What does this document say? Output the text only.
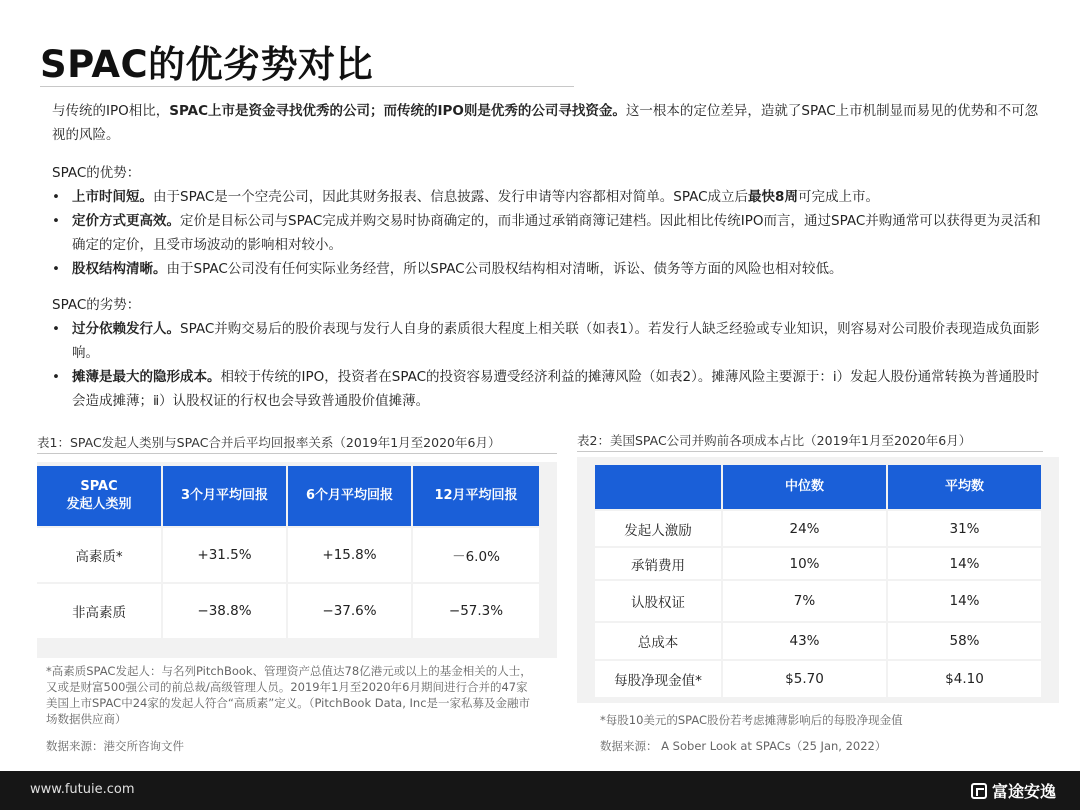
SPAC的优劣势对比

与传统的IPO相比，SPAC上市是资金寻找优秀的公司；而传统的IPO则是优秀的公司寻找资金。这一根本的定位差异，造就了SPAC上市机制显而易见的优势和不可忽视的风险。

SPAC的优势：

• 上市时间短。由于SPAC是一个空壳公司，因此其财务报表、信息披露、发行申请等内容都相对简单。SPAC成立后最快8周可完成上市。
• 定价方式更高效。定价是目标公司与SPAC完成并购交易时协商确定的，而非通过承销商簿记建档。因此相比传统IPO而言，通过SPAC并购通常可以获得更为灵活和确定的定价，且受市场波动的影响相对较小。
• 股权结构清晰。由于SPAC公司没有任何实际业务经营，所以SPAC公司股权结构相对清晰，诉讼、债务等方面的风险也相对较低。

SPAC的劣势：

• 过分依赖发行人。SPAC并购交易后的股价表现与发行人自身的素质很大程度上相关联（如表1）。若发行人缺乏经验或专业知识，则容易对公司股价表现造成负面影响。
• 摊薄是最大的隐形成本。相较于传统的IPO，投资者在SPAC的投资容易遭受经济利益的摊薄风险（如表2）。摊薄风险主要源于：ⅰ）发起人股份通常转换为普通股时会造成摊薄；ⅱ）认股权证的行权也会导致普通股价值摊薄。
表1：SPAC发起人类别与SPAC合并后平均回报率关系（2019年1月至2020年6月）
SPAC
发起人类别	3个月平均回报	6个月平均回报	12月平均回报
高素质*	+31.5%	+15.8%	－6.0%
非高素质	−38.8%	−37.6%	−57.3%
*高素质SPAC发起人：与名列PitchBook、管理资产总值达78亿港元或以上的基金相关的人士，又或是财富500强公司的前总裁/高级管理人员。2019年1月至2020年6月期间进行合并的47家美国上市SPAC中24家的发起人符合“高质素”定义。（PitchBook Data, Inc是一家私募及金融市场数据供应商）
数据来源：港交所咨询文件
表2：美国SPAC公司并购前各项成本占比（2019年1月至2020年6月）
	中位数	平均数
发起人激励	24%	31%
承销费用	10%	14%
认股权证	7%	14%
总成本	43%	58%
每股净现金值*	$5.70	$4.10
*每股10美元的SPAC股份若考虑摊薄影响后的每股净现金值
数据来源： A Sober Look at SPACs（25 Jan, 2022）
www.futuie.com	富途安逸
